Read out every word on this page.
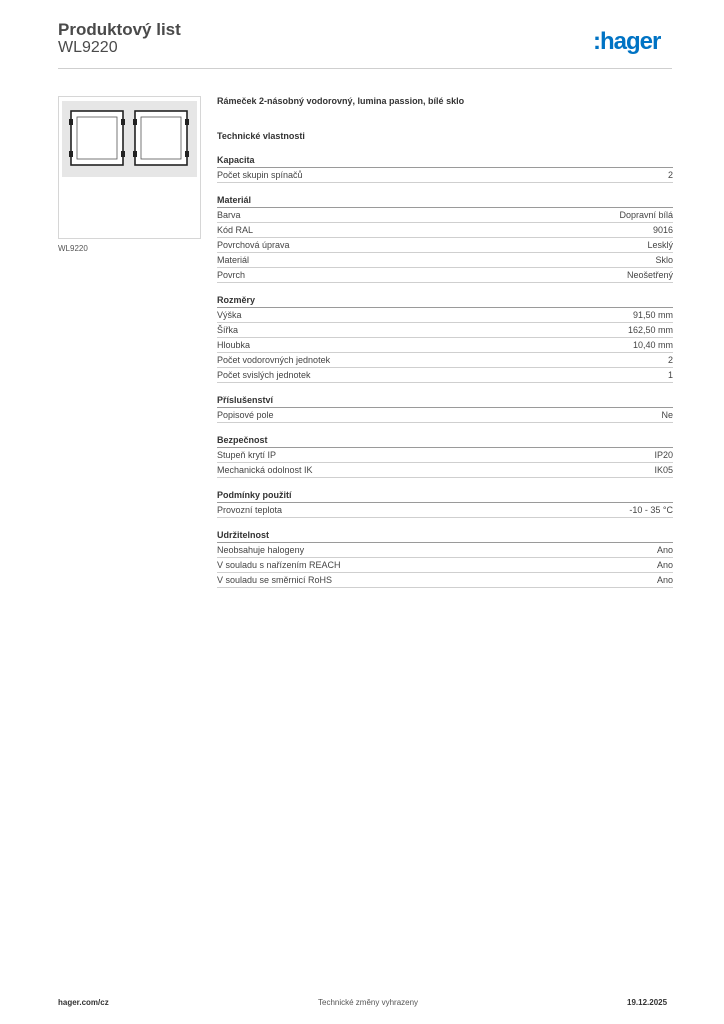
Produktový list
WL9220	:hager
WL9220
Rámeček 2-násobný vodorovný, lumina passion, bílé sklo
Technické vlastnosti
Kapacita
Počet skupin spínačů	2
Materiál
Barva	Dopravní bílá
Kód RAL	9016
Povrchová úprava	Lesklý
Materiál	Sklo
Povrch	Neošetřený
Rozměry
Výška	91,50 mm
Šířka	162,50 mm
Hloubka	10,40 mm
Počet vodorovných jednotek	2
Počet svislých jednotek	1
Příslušenství
Popisové pole	Ne
Bezpečnost
Stupeň krytí IP	IP20
Mechanická odolnost IK	IK05
Podmínky použití
Provozní teplota	-10 - 35 °C
Udržitelnost
Neobsahuje halogeny	Ano
V souladu s nařízením REACH	Ano
V souladu se směrnicí RoHS	Ano
hager.com/cz	Technické změny vyhrazeny	19.12.2025
